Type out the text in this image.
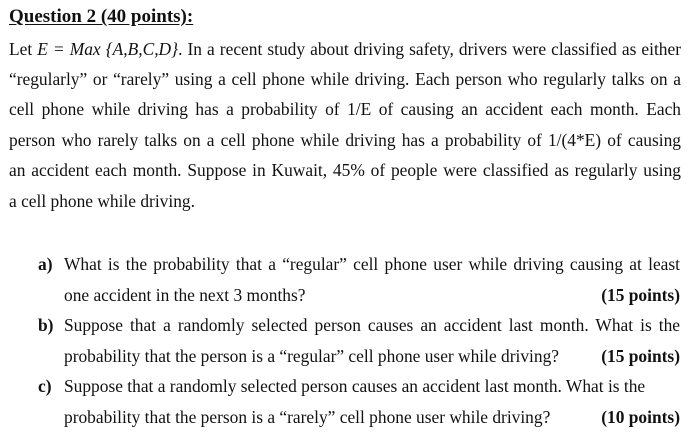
Question 2 (40 points):
Let E = Max {A,B,C,D}. In a recent study about driving safety, drivers were classified as either
“regularly” or “rarely” using a cell phone while driving. Each person who regularly talks on a
cell phone while driving has a probability of 1/E of causing an accident each month. Each
person who rarely talks on a cell phone while driving has a probability of 1/(4*E) of causing
an accident each month. Suppose in Kuwait, 45% of people were classified as regularly using
a cell phone while driving.
a) What is the probability that a “regular” cell phone user while driving causing at least
one accident in the next 3 months?	(15 points)
b) Suppose that a randomly selected person causes an accident last month. What is the
probability that the person is a “regular” cell phone user while driving? (15 points)
c) Suppose that a randomly selected person causes an accident last month. What is the
probability that the person is a “rarely” cell phone user while driving?	(10 points)
